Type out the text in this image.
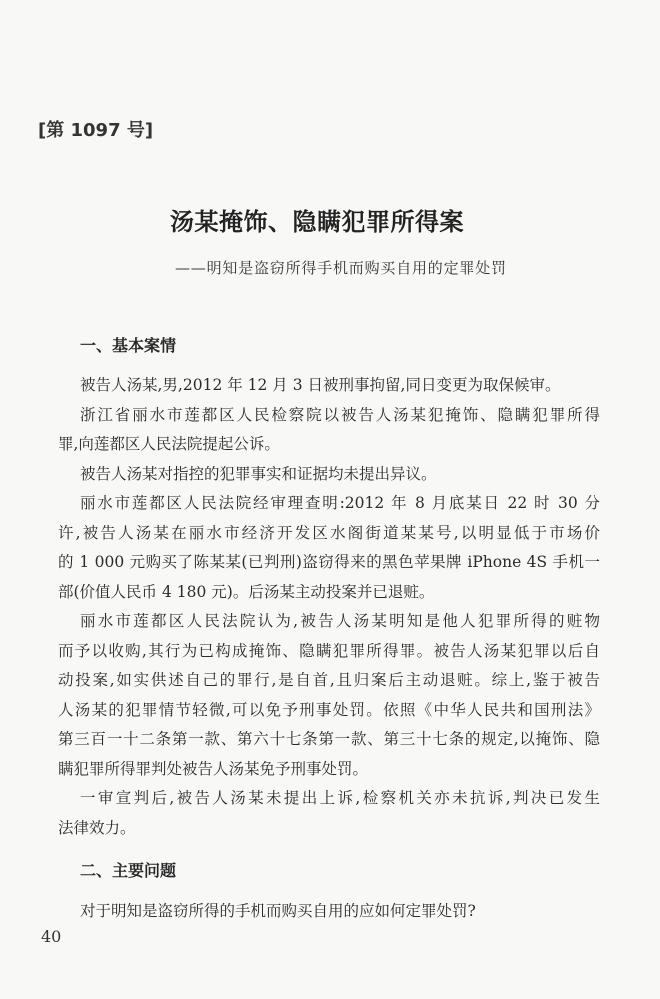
[第 1097 号]
汤某掩饰、隐瞒犯罪所得案
——明知是盗窃所得手机而购买自用的定罪处罚
一、基本案情
被告人汤某,男,2012 年 12 月 3 日被刑事拘留,同日变更为取保候审。
浙江省丽水市莲都区人民检察院以被告人汤某犯掩饰、隐瞒犯罪所得
罪,向莲都区人民法院提起公诉。
被告人汤某对指控的犯罪事实和证据均未提出异议。
丽水市莲都区人民法院经审理查明:2012 年 8 月底某日 22 时 30 分
许,被告人汤某在丽水市经济开发区水阁街道某某号,以明显低于市场价
的 1 000 元购买了陈某某(已判刑)盗窃得来的黑色苹果牌 iPhone 4S 手机一
部(价值人民币 4 180 元)。后汤某主动投案并已退赃。
丽水市莲都区人民法院认为,被告人汤某明知是他人犯罪所得的赃物
而予以收购,其行为已构成掩饰、隐瞒犯罪所得罪。被告人汤某犯罪以后自
动投案,如实供述自己的罪行,是自首,且归案后主动退赃。综上,鉴于被告
人汤某的犯罪情节轻微,可以免予刑事处罚。依照《中华人民共和国刑法》
第三百一十二条第一款、第六十七条第一款、第三十七条的规定,以掩饰、隐
瞒犯罪所得罪判处被告人汤某免予刑事处罚。
一审宣判后,被告人汤某未提出上诉,检察机关亦未抗诉,判决已发生
法律效力。
二、主要问题
对于明知是盗窃所得的手机而购买自用的应如何定罪处罚?
40
